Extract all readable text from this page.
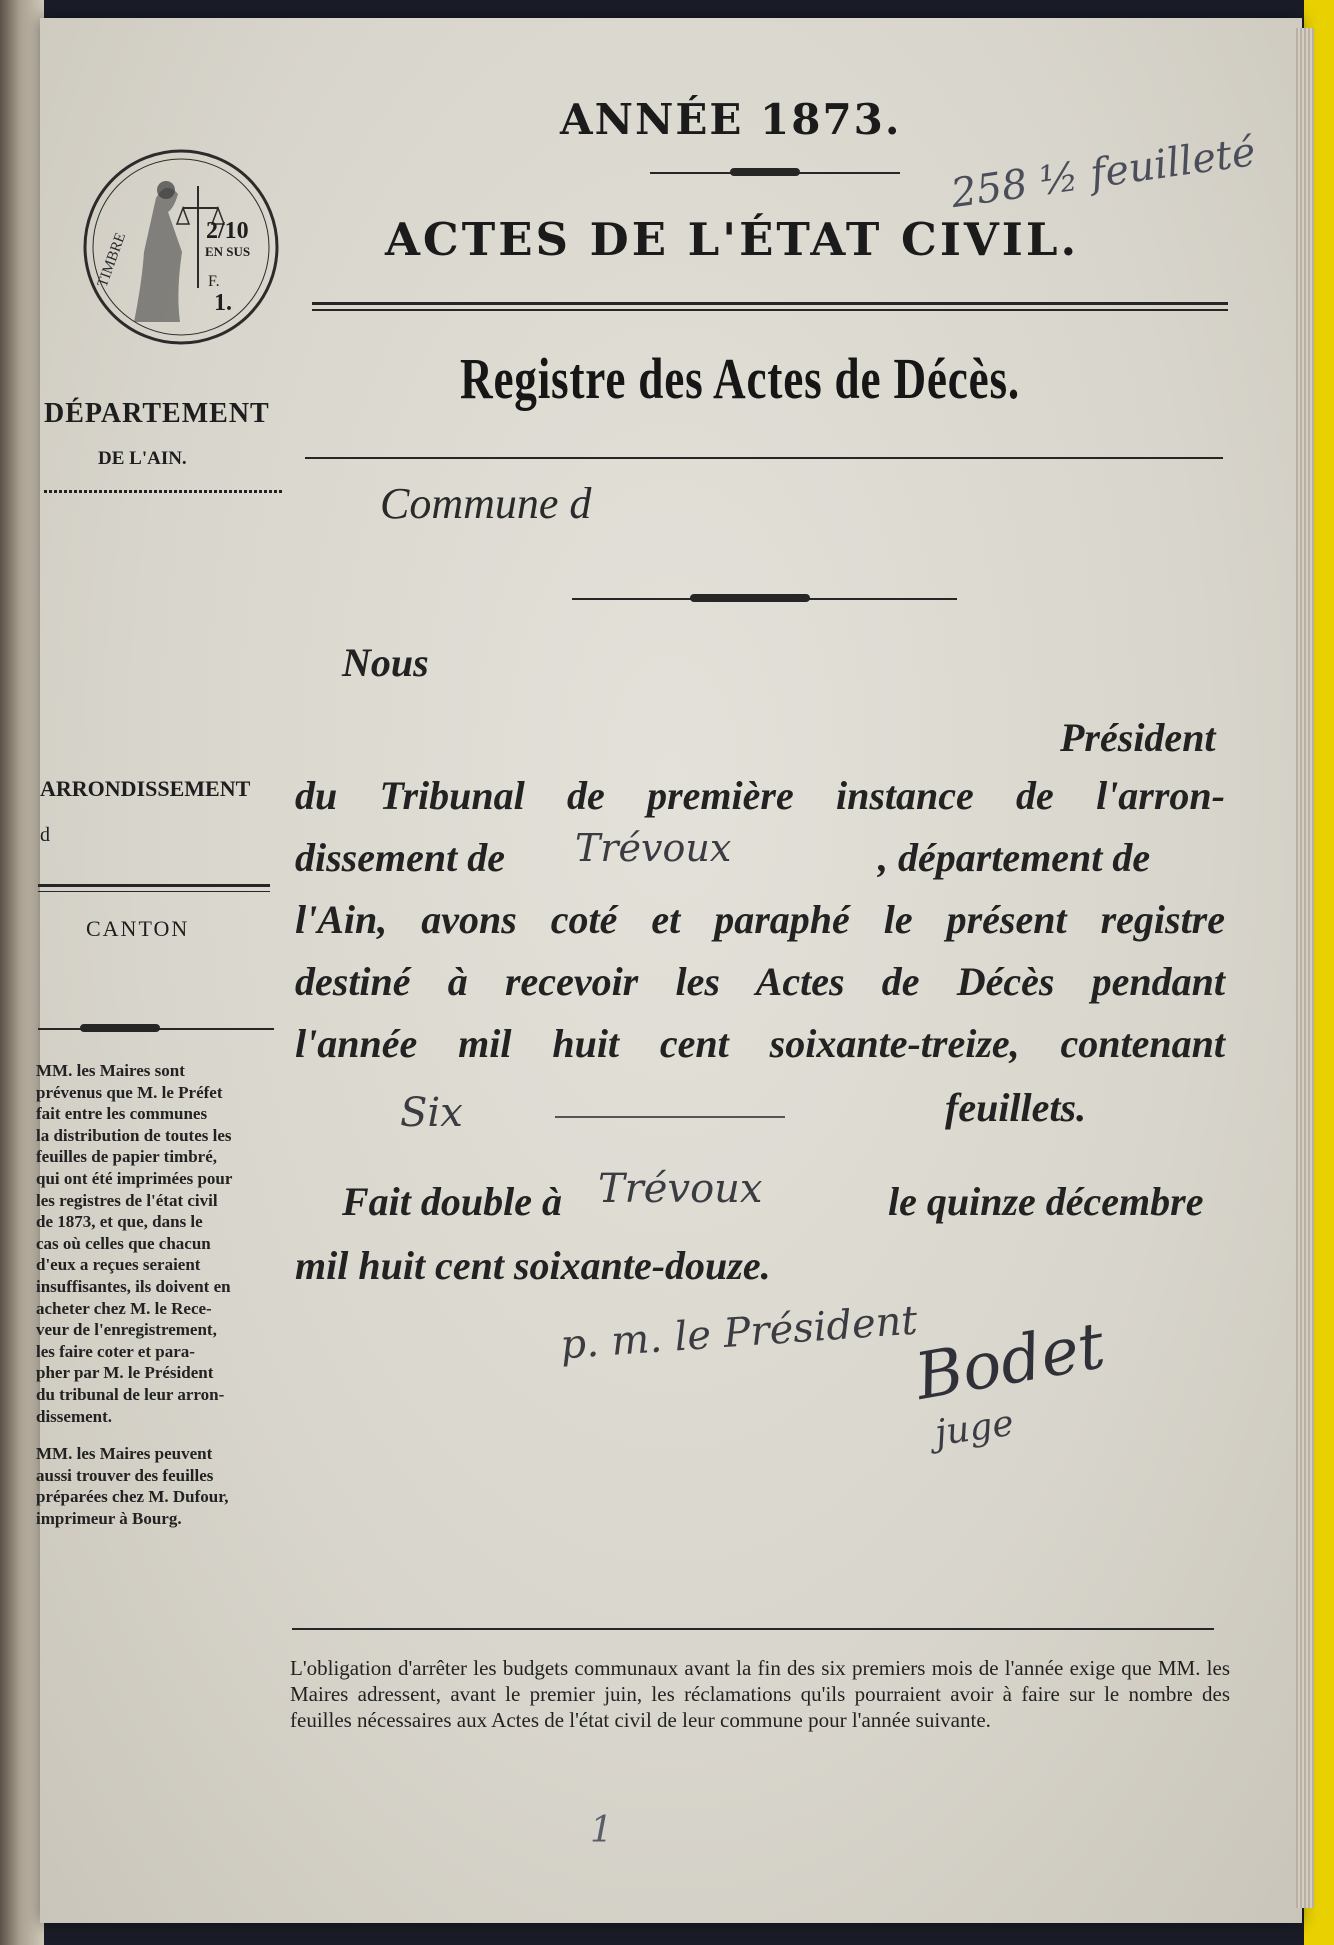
TIMBRE	2/10
EN SUS
F.
1.
ANNÉE 1873.
ACTES DE L'ÉTAT CIVIL.
Registre des Actes de Décès.
258 ½ feuilleté
DÉPARTEMENT
DE L'AIN.
ARRONDISSEMENT
d
CANTON
MM. les Maires sont
prévenus que M. le Préfet
fait entre les communes
la distribution de toutes les
feuilles de papier timbré,
qui ont été imprimées pour
les registres de l'état civil
de 1873, et que, dans le
cas où celles que chacun
d'eux a reçues seraient
insuffisantes, ils doivent en
acheter chez M. le Rece-
veur de l'enregistrement,
les faire coter et para-
pher par M. le Président
du tribunal de leur arron-
dissement.
MM. les Maires peuvent
aussi trouver des feuilles
préparées chez M. Dufour,
imprimeur à Bourg.
Commune d
Nous
Président
du Tribunal de première instance de l'arron-
dissement de Trévoux	, département de
l'Ain, avons coté et paraphé le présent registre
destiné à recevoir les Actes de Décès pendant
l'année mil huit cent soixante-treize, contenant
Six	feuillets.
Fait double à Trévoux	le quinze décembre
mil huit cent soixante-douze.
p. m. le Président
Bodet
juge
L'obligation d'arrêter les budgets communaux avant la fin des six premiers mois de l'année exige que MM. les Maires adressent, avant le premier juin, les réclamations qu'ils pourraient avoir à faire sur le nombre des feuilles nécessaires aux Actes de l'état civil de leur commune pour l'année suivante.
1
